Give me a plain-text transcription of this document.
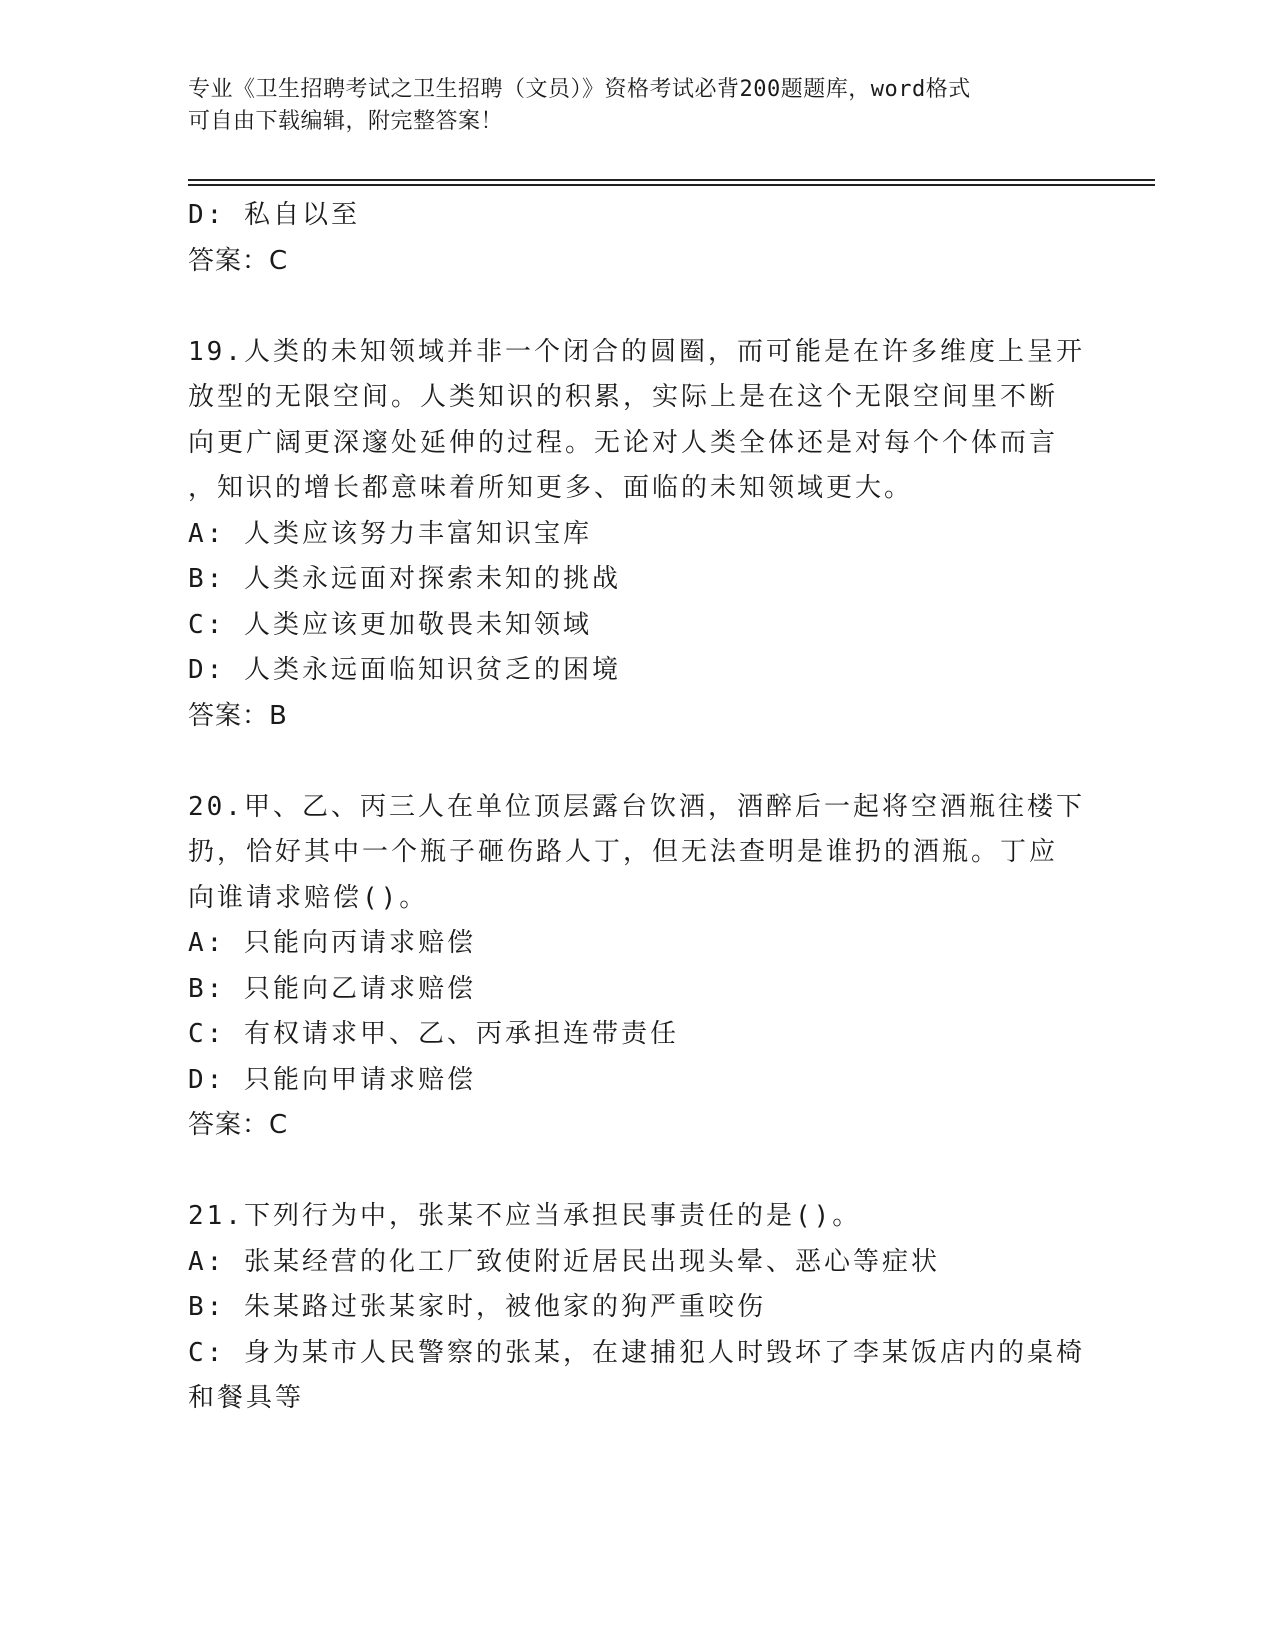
专业《卫生招聘考试之卫生招聘（文员）》资格考试必背200题题库，word格式
可自由下载编辑，附完整答案！
D: 私自以至
答案：C
19.人类的未知领域并非一个闭合的圆圈，而可能是在许多维度上呈开
放型的无限空间。人类知识的积累，实际上是在这个无限空间里不断
向更广阔更深邃处延伸的过程。无论对人类全体还是对每个个体而言
，知识的增长都意味着所知更多、面临的未知领域更大。
A: 人类应该努力丰富知识宝库
B: 人类永远面对探索未知的挑战
C: 人类应该更加敬畏未知领域
D: 人类永远面临知识贫乏的困境
答案：B
20.甲、乙、丙三人在单位顶层露台饮酒，酒醉后一起将空酒瓶往楼下
扔，恰好其中一个瓶子砸伤路人丁，但无法查明是谁扔的酒瓶。丁应
向谁请求赔偿()。
A: 只能向丙请求赔偿
B: 只能向乙请求赔偿
C: 有权请求甲、乙、丙承担连带责任
D: 只能向甲请求赔偿
答案：C
21.下列行为中，张某不应当承担民事责任的是()。
A: 张某经营的化工厂致使附近居民出现头晕、恶心等症状
B: 朱某路过张某家时，被他家的狗严重咬伤
C: 身为某市人民警察的张某，在逮捕犯人时毁坏了李某饭店内的桌椅
和餐具等
